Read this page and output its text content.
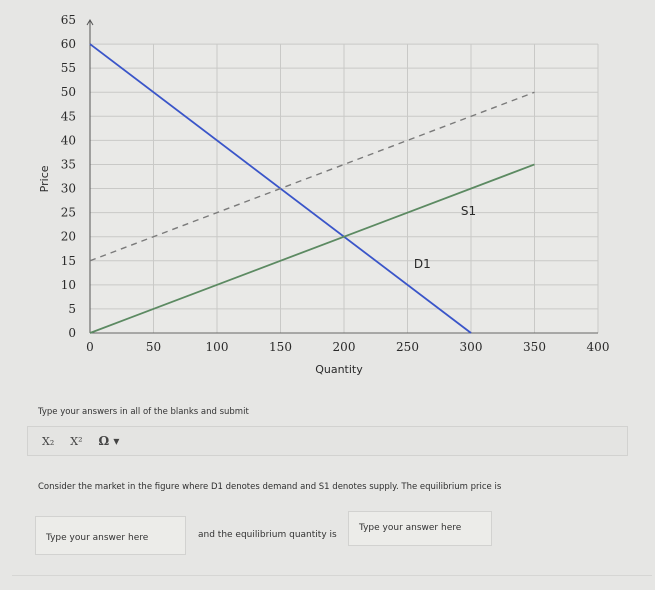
0
5
10
15
20
25
30
35
40
45
50
55
60
65
0	50	100	150	200	250	300	350	400
Quantity
Price
D1
S1
Type your answers in all of the blanks and submit
X₂ X² Ω ▾
Consider the market in the figure where D1 denotes demand and S1 denotes supply. The equilibrium price is
Type your answer here	and the equilibrium quantity is
Type your answer here
